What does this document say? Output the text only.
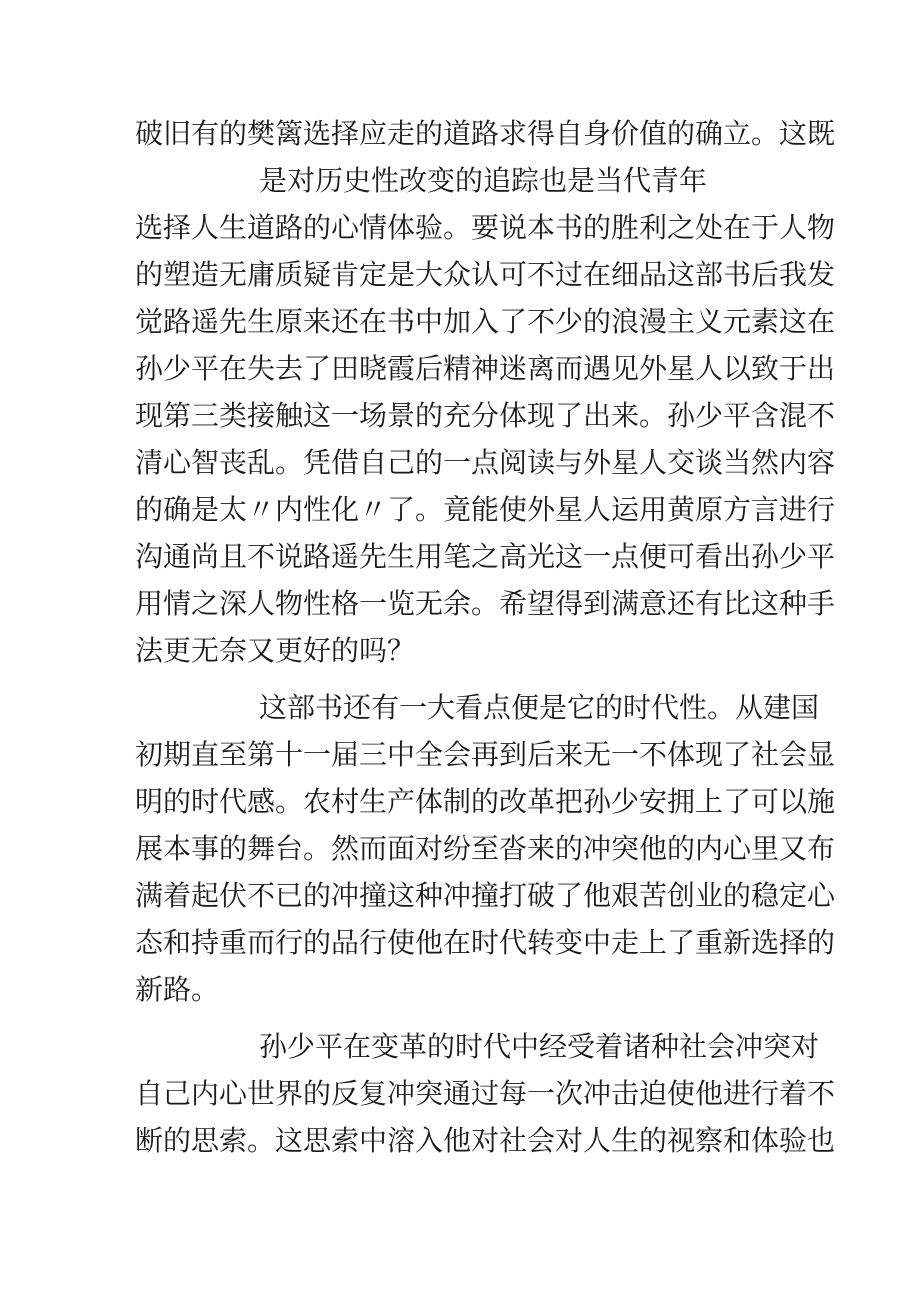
破旧有的樊篱选择应走的道路求得自身价值的确立。这既
是对历史性改变的追踪也是当代青年
选择人生道路的心情体验。要说本书的胜利之处在于人物
的塑造无庸质疑肯定是大众认可不过在细品这部书后我发
觉路遥先生原来还在书中加入了不少的浪漫主义元素这在
孙少平在失去了田晓霞后精神迷离而遇见外星人以致于出
现第三类接触这一场景的充分体现了出来。孙少平含混不
清心智丧乱。凭借自己的一点阅读与外星人交谈当然内容
的确是太〃内性化〃了。竟能使外星人运用黄原方言进行
沟通尚且不说路遥先生用笔之高光这一点便可看出孙少平
用情之深人物性格一览无余。希望得到满意还有比这种手
法更无奈又更好的吗？
这部书还有一大看点便是它的时代性。从建国
初期直至第十一届三中全会再到后来无一不体现了社会显
明的时代感。农村生产体制的改革把孙少安拥上了可以施
展本事的舞台。然而面对纷至沓来的冲突他的内心里又布
满着起伏不已的冲撞这种冲撞打破了他艰苦创业的稳定心
态和持重而行的品行使他在时代转变中走上了重新选择的
新路。
孙少平在变革的时代中经受着诸种社会冲突对
自己内心世界的反复冲突通过每一次冲击迫使他进行着不
断的思索。这思索中溶入他对社会对人生的视察和体验也
